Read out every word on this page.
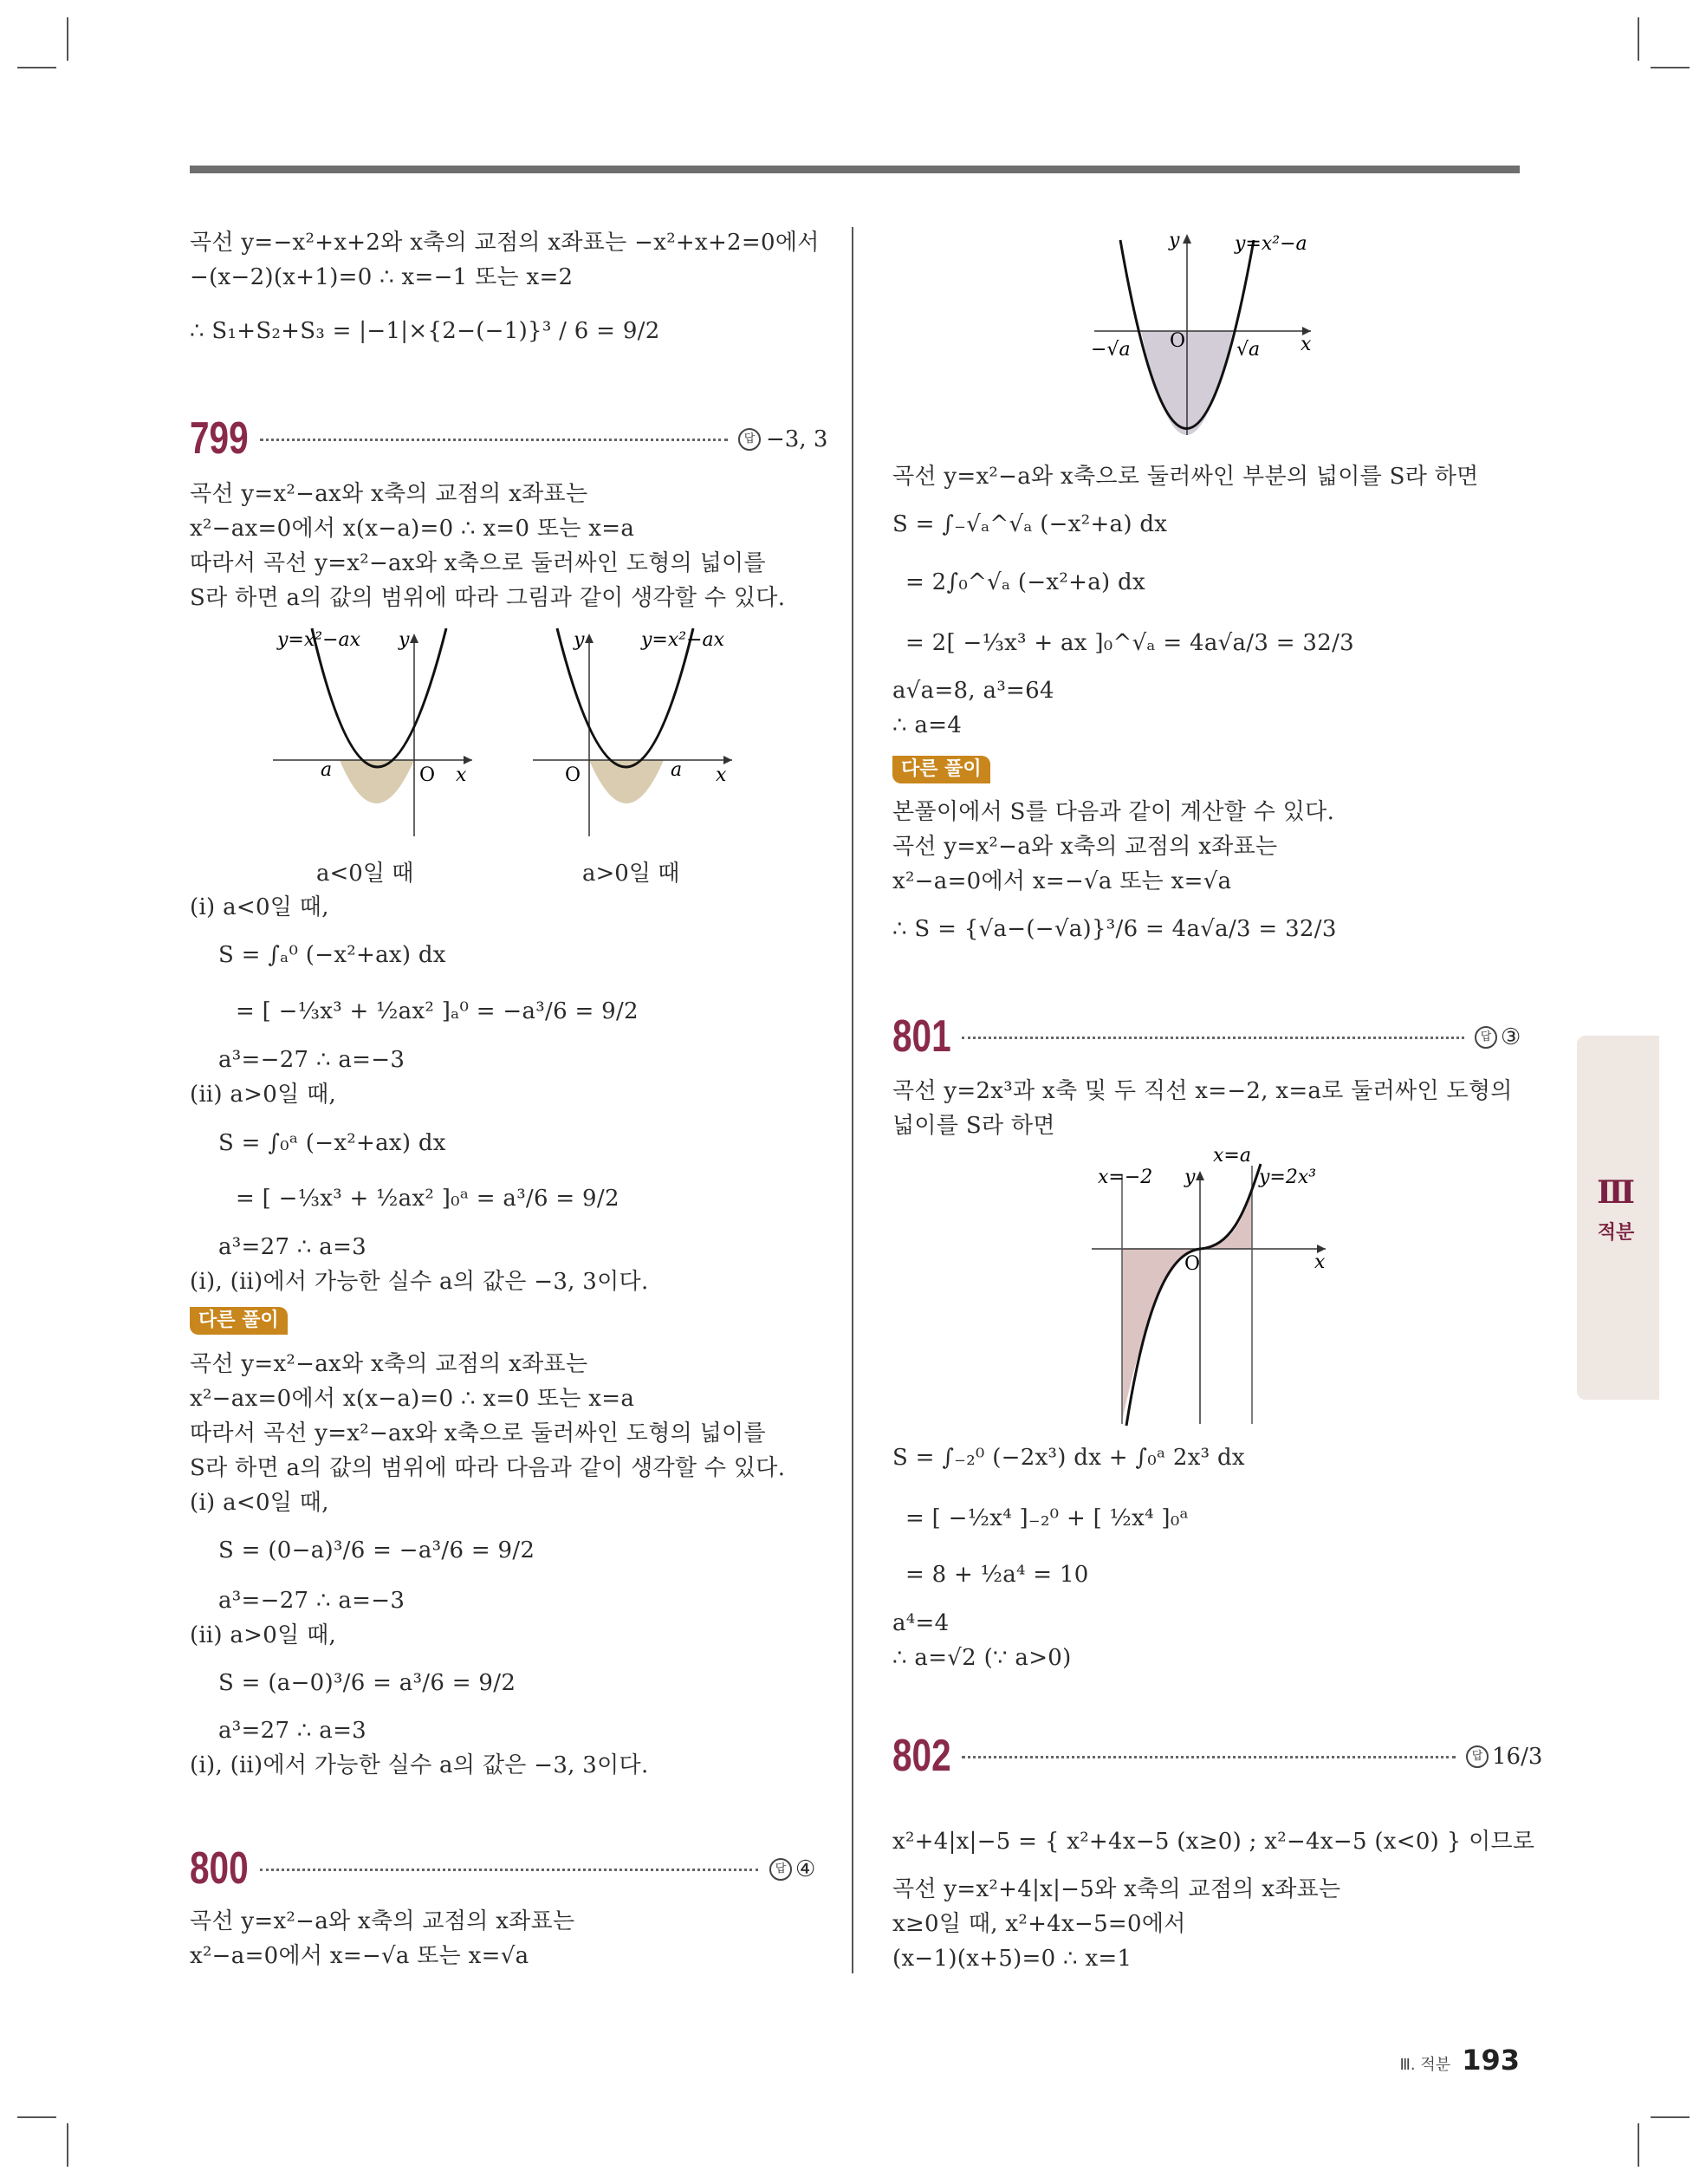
곡선 y=−x²+x+2와 x축의 교점의 x좌표는 −x²+x+2=0에서
−(x−2)(x+1)=0 ∴ x=−1 또는 x=2
∴ S₁+S₂+S₃ = |−1|×{2−(−1)}³ / 6 = 9/2
799	답 −3, 3
곡선 y=x²−ax와 x축의 교점의 x좌표는
x²−ax=0에서 x(x−a)=0 ∴ x=0 또는 x=a
따라서 곡선 y=x²−ax와 x축으로 둘러싸인 도형의 넓이를
S라 하면 a의 값의 범위에 따라 그림과 같이 생각할 수 있다.
a	O x
y
y=x²−ax
O	a x
y	y=x²−ax
a<0일 때	a>0일 때
(ⅰ) a<0일 때,
S = ∫ₐ⁰ (−x²+ax) dx
= [ −⅓x³ + ½ax² ]ₐ⁰ = −a³/6 = 9/2
a³=−27 ∴ a=−3
(ⅱ) a>0일 때,
S = ∫₀ᵃ (−x²+ax) dx
= [ −⅓x³ + ½ax² ]₀ᵃ = a³/6 = 9/2
a³=27 ∴ a=3
(ⅰ), (ⅱ)에서 가능한 실수 a의 값은 −3, 3이다.
다른 풀이
곡선 y=x²−ax와 x축의 교점의 x좌표는
x²−ax=0에서 x(x−a)=0 ∴ x=0 또는 x=a
따라서 곡선 y=x²−ax와 x축으로 둘러싸인 도형의 넓이를
S라 하면 a의 값의 범위에 따라 다음과 같이 생각할 수 있다.
(ⅰ) a<0일 때,
S = (0−a)³/6 = −a³/6 = 9/2
a³=−27 ∴ a=−3
(ⅱ) a>0일 때,
S = (a−0)³/6 = a³/6 = 9/2
a³=27 ∴ a=3
(ⅰ), (ⅱ)에서 가능한 실수 a의 값은 −3, 3이다.
800	답 ④
곡선 y=x²−a와 x축의 교점의 x좌표는
x²−a=0에서 x=−√a 또는 x=√a
−√a O	√a x
y	y=x²−a
곡선 y=x²−a와 x축으로 둘러싸인 부분의 넓이를 S라 하면
S = ∫₋√ₐ^√ₐ (−x²+a) dx
= 2∫₀^√ₐ (−x²+a) dx
= 2[ −⅓x³ + ax ]₀^√ₐ = 4a√a/3 = 32/3
a√a=8, a³=64
∴ a=4
다른 풀이
본풀이에서 S를 다음과 같이 계산할 수 있다.
곡선 y=x²−a와 x축의 교점의 x좌표는
x²−a=0에서 x=−√a 또는 x=√a
∴ S = {√a−(−√a)}³/6 = 4a√a/3 = 32/3
801	답 ③
곡선 y=2x³과 x축 및 두 직선 x=−2, x=a로 둘러싸인 도형의
넓이를 S라 하면
x=−2 y
x=a
y=2x³
O	x
S = ∫₋₂⁰ (−2x³) dx + ∫₀ᵃ 2x³ dx
= [ −½x⁴ ]₋₂⁰ + [ ½x⁴ ]₀ᵃ
= 8 + ½a⁴ = 10
a⁴=4
∴ a=√2 (∵ a>0)
802	답 16/3
x²+4|x|−5 = { x²+4x−5 (x≥0) ; x²−4x−5 (x<0) } 이므로
곡선 y=x²+4|x|−5와 x축의 교점의 x좌표는
x≥0일 때, x²+4x−5=0에서
(x−1)(x+5)=0 ∴ x=1
Ⅲ
적분
Ⅲ. 적분 193
